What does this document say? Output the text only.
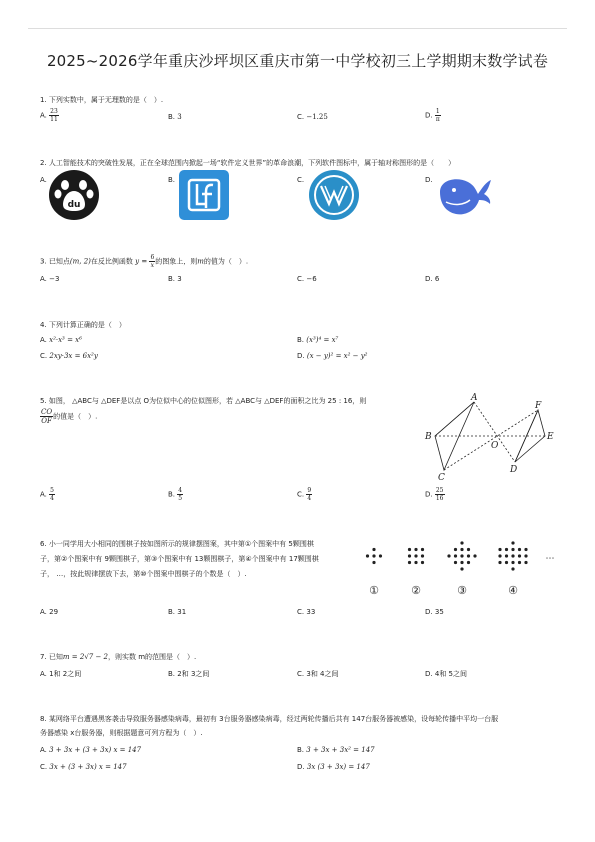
2025~2026学年重庆沙坪坝区重庆市第一中学校初三上学期期末数学试卷
1. 下列实数中，属于无理数的是（　）.
A. $\frac{23}{11}$	B. 3	C. −1.25	D. $\frac{1}{\pi}$
2. 人工智能技术的突破性发展，正在全球范围内掀起一场“软件定义世界”的革命浪潮，下列软件图标中，属于轴对称图形的是（　　）
A.	B.	C.	D.
du
3. 已知点(m, 2)在反比例函数 $y = \frac{6}{x}$ 的图象上，则m的值为（　）.
A. −3	B. 3	C. −6	D. 6
4. 下列计算正确的是（　）
A. x²·x³ = x⁶	B. (x³)⁴ = x⁷
C. 2xy·3x = 6x²y	D. (x − y)² = x² − y²
5. 如图， △ABC与 △DEF是以点 O为位似中心的位似图形，若 △ABC与 △DEF的面积之比为 25 : 16，则
$\frac{CO}{OF}$ 的值是（　）.
A
B
C
D
E
F
O
A. $\frac{5}{4}$	B. $\frac{4}{5}$	C. $\frac{9}{4}$	D. $\frac{25}{16}$
6. 小一同学用大小相同的围棋子按如图所示的规律摆图案，其中第①个图案中有 5颗围棋
子，第②个图案中有 9颗围棋子，第③个图案中有 13颗围棋子，第④个图案中有 17颗围棋
子， …，按此规律摆放下去，第⑩个图案中围棋子的个数是（　）.
①	②	③	④
⋯
A. 29	B. 31	C. 33	D. 35
7. 已知m = 2√7 − 2，则实数 m的范围是（　）.
A. 1和 2之间	B. 2和 3之间	C. 3和 4之间	D. 4和 5之间
8. 某网络平台遭遇黑客袭击导致服务器感染病毒，最初有 3台服务器感染病毒，经过两轮传播后共有 147台服务器被感染，设每轮传播中平均一台服
务器感染 x台服务器，则根据题意可列方程为（　）.
A. 3 + 3x + (3 + 3x) x = 147	B. 3 + 3x + 3x² = 147
C. 3x + (3 + 3x) x = 147	D. 3x (3 + 3x) = 147
